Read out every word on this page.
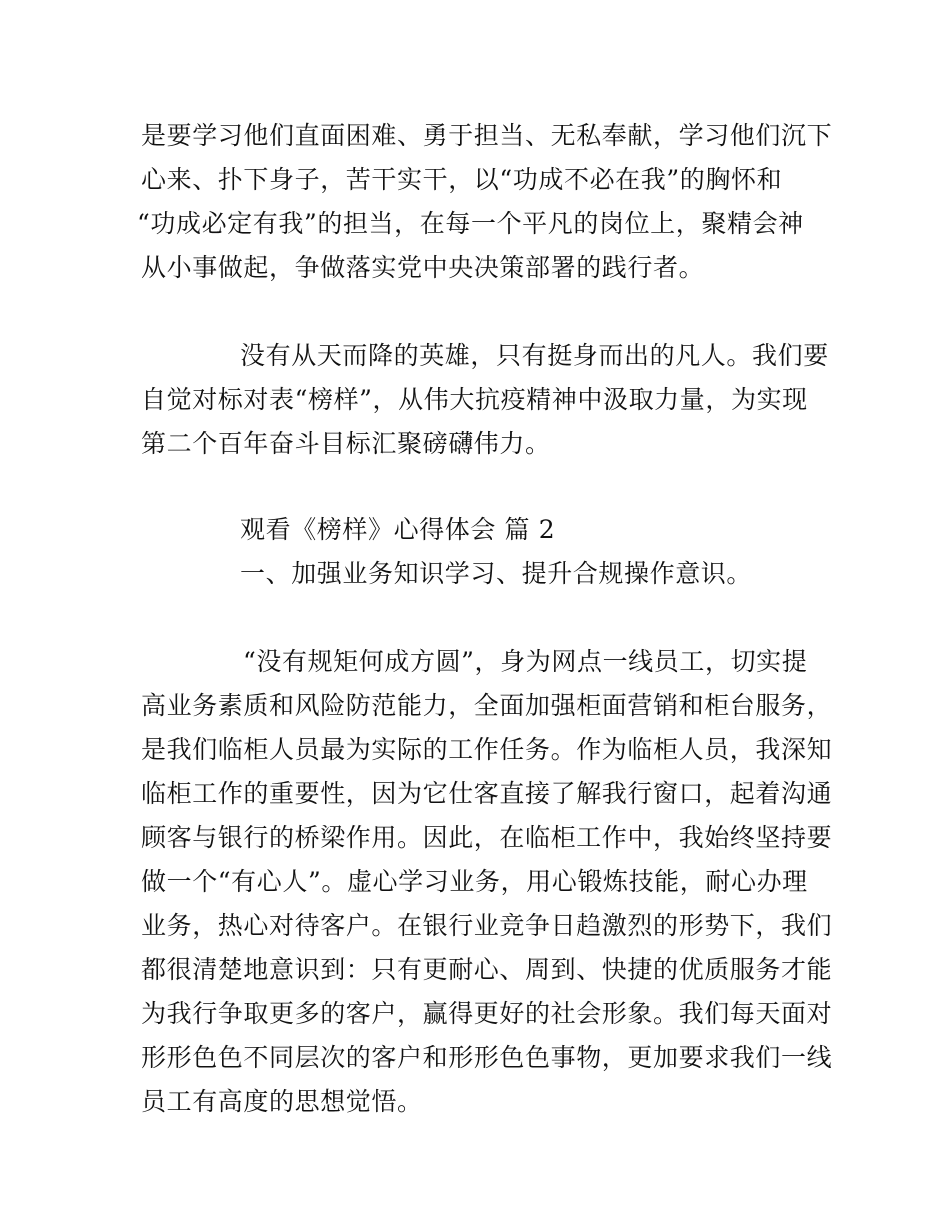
是要学习他们直面困难、勇于担当、无私奉献，学习他们沉下
心来、扑下身子，苦干实干，以“功成不必在我”的胸怀和
“功成必定有我”的担当，在每一个平凡的岗位上，聚精会神
从小事做起，争做落实党中央决策部署的践行者。
没有从天而降的英雄，只有挺身而出的凡人。我们要
自觉对标对表“榜样”，从伟大抗疫精神中汲取力量，为实现
第二个百年奋斗目标汇聚磅礴伟力。
观看《榜样》心得体会 篇 2
一、加强业务知识学习、提升合规操作意识。
“没有规矩何成方圆”，身为网点一线员工，切实提
高业务素质和风险防范能力，全面加强柜面营销和柜台服务，
是我们临柜人员最为实际的工作任务。作为临柜人员，我深知
临柜工作的重要性，因为它仕客直接了解我行窗口，起着沟通
顾客与银行的桥梁作用。因此，在临柜工作中，我始终坚持要
做一个“有心人”。虚心学习业务，用心锻炼技能，耐心办理
业务，热心对待客户。在银行业竞争日趋激烈的形势下，我们
都很清楚地意识到：只有更耐心、周到、快捷的优质服务才能
为我行争取更多的客户，赢得更好的社会形象。我们每天面对
形形色色不同层次的客户和形形色色事物，更加要求我们一线
员工有高度的思想觉悟。
